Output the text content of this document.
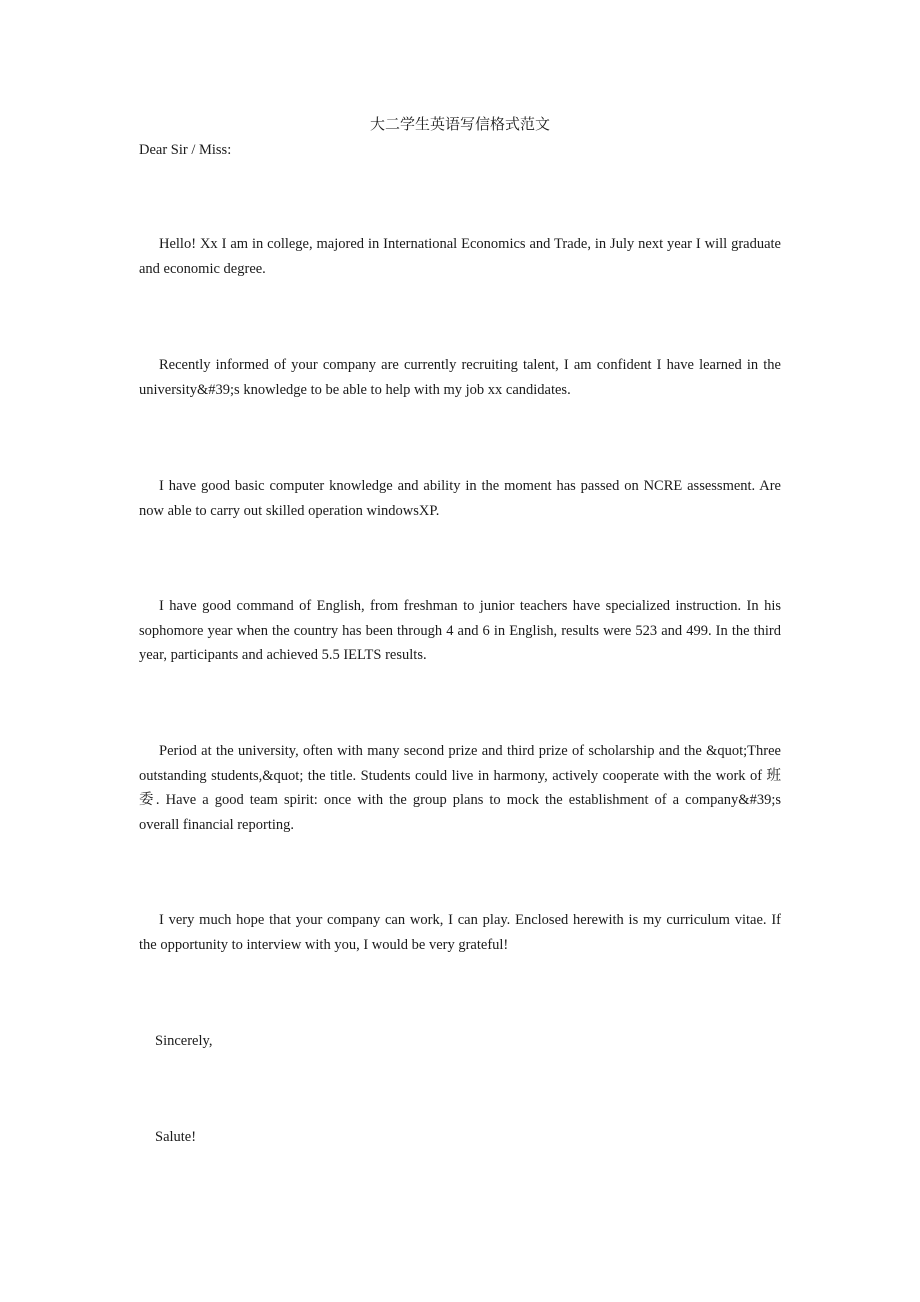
大二学生英语写信格式范文

Dear Sir / Miss:

Hello! Xx I am in college, majored in International Economics and Trade, in July next year I will graduate and economic degree.

Recently informed of your company are currently recruiting talent, I am confident I have learned in the university&#39;s knowledge to be able to help with my job xx candidates.

I have good basic computer knowledge and ability in the moment has passed on NCRE assessment. Are now able to carry out skilled operation windowsXP.

I have good command of English, from freshman to junior teachers have specialized instruction. In his sophomore year when the country has been through 4 and 6 in English, results were 523 and 499. In the third year, participants and achieved 5.5 IELTS results.

Period at the university, often with many second prize and third prize of scholarship and the &quot;Three outstanding students,&quot; the title. Students could live in harmony, actively cooperate with the work of 班委. Have a good team spirit: once with the group plans to mock the establishment of a company&#39;s overall financial reporting.

I very much hope that your company can work, I can play. Enclosed herewith is my curriculum vitae. If the opportunity to interview with you, I would be very grateful!

Sincerely,

Salute!
